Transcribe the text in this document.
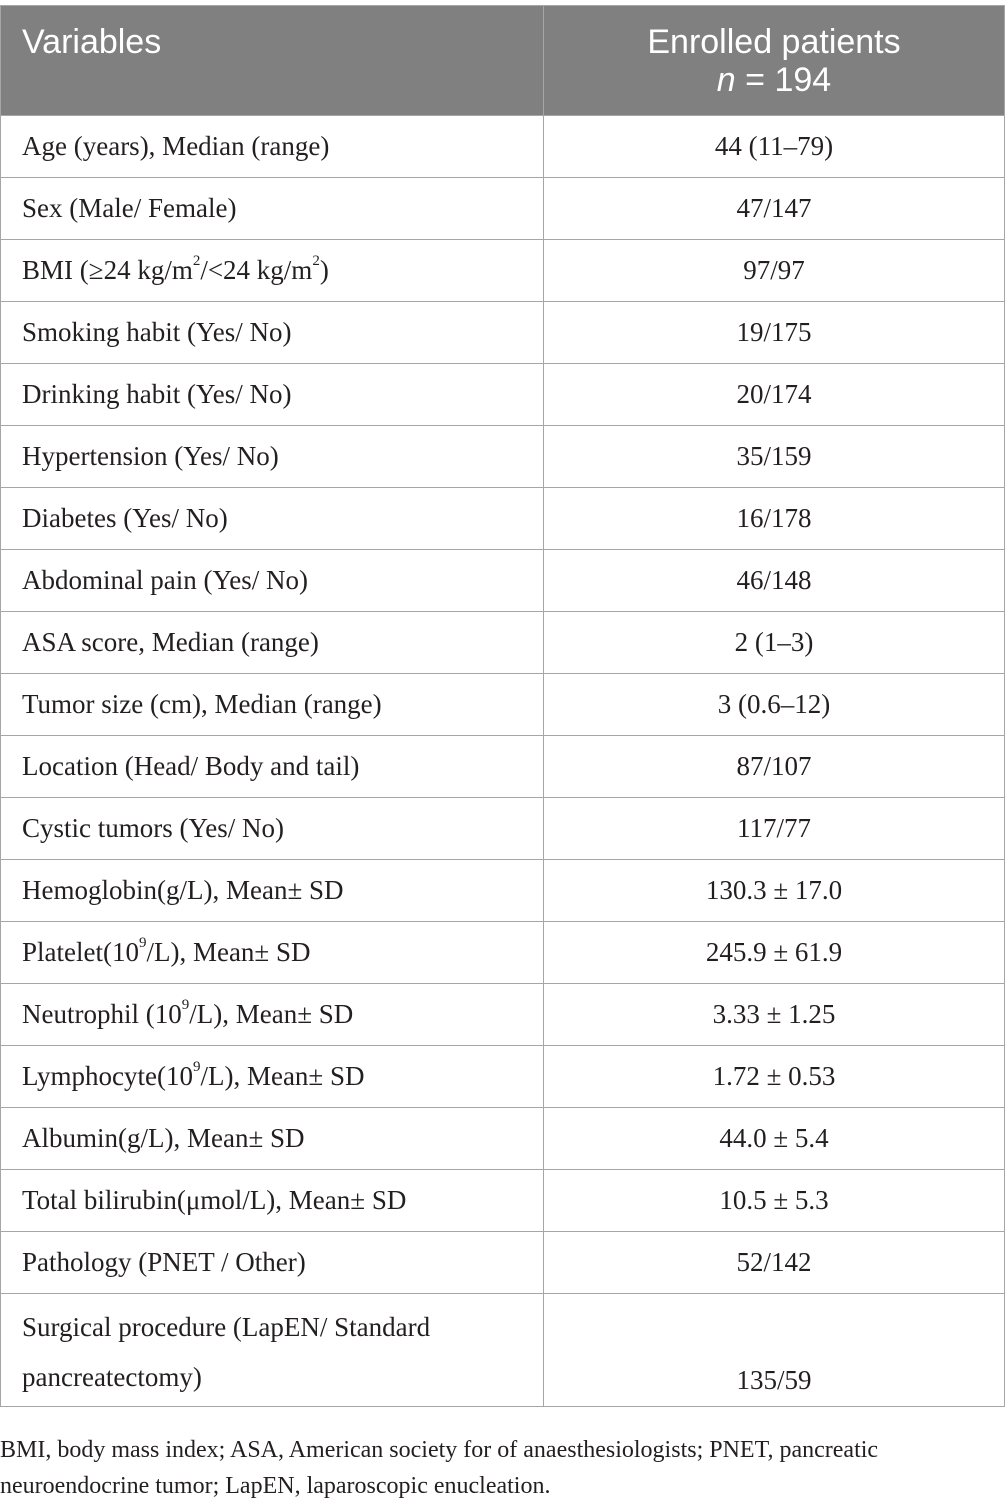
Variables	Enrolled patients
n = 194

Age (years), Median (range)	44 (11–79)
Sex (Male/ Female)	47/147
BMI (≥24 $kg/m^2/<24$ $kg/m^2$)	97/97
Smoking habit (Yes/ No)	19/175
Drinking habit (Yes/ No)	20/174
Hypertension (Yes/ No)	35/159
Diabetes (Yes/ No)	16/178
Abdominal pain (Yes/ No)	46/148
ASA score, Median (range)	2 (1–3)
Tumor size (cm), Median (range)	3 (0.6–12)
Location (Head/ Body and tail)	87/107
Cystic tumors (Yes/ No)	117/77
Hemoglobin(g/L), Mean± SD	130.3 ± 17.0
$Platelet(10^9/L)$, Mean± SD	245.9 ± 61.9
Neutrophil $(10^9/L)$, Mean± SD	3.33 ± 1.25
$Lymphocyte(10^9/L)$, Mean± SD	1.72 ± 0.53
Albumin(g/L), Mean± SD	44.0 ± 5.4
Total bilirubin(μmol/L), Mean± SD	10.5 ± 5.3
Pathology (PNET / Other)	52/142
Surgical procedure (LapEN/ Standard pancreatectomy)	135/59
BMI, body mass index; ASA, American society for of anaesthesiologists; PNET, pancreatic neuroendocrine tumor; LapEN, laparoscopic enucleation.
